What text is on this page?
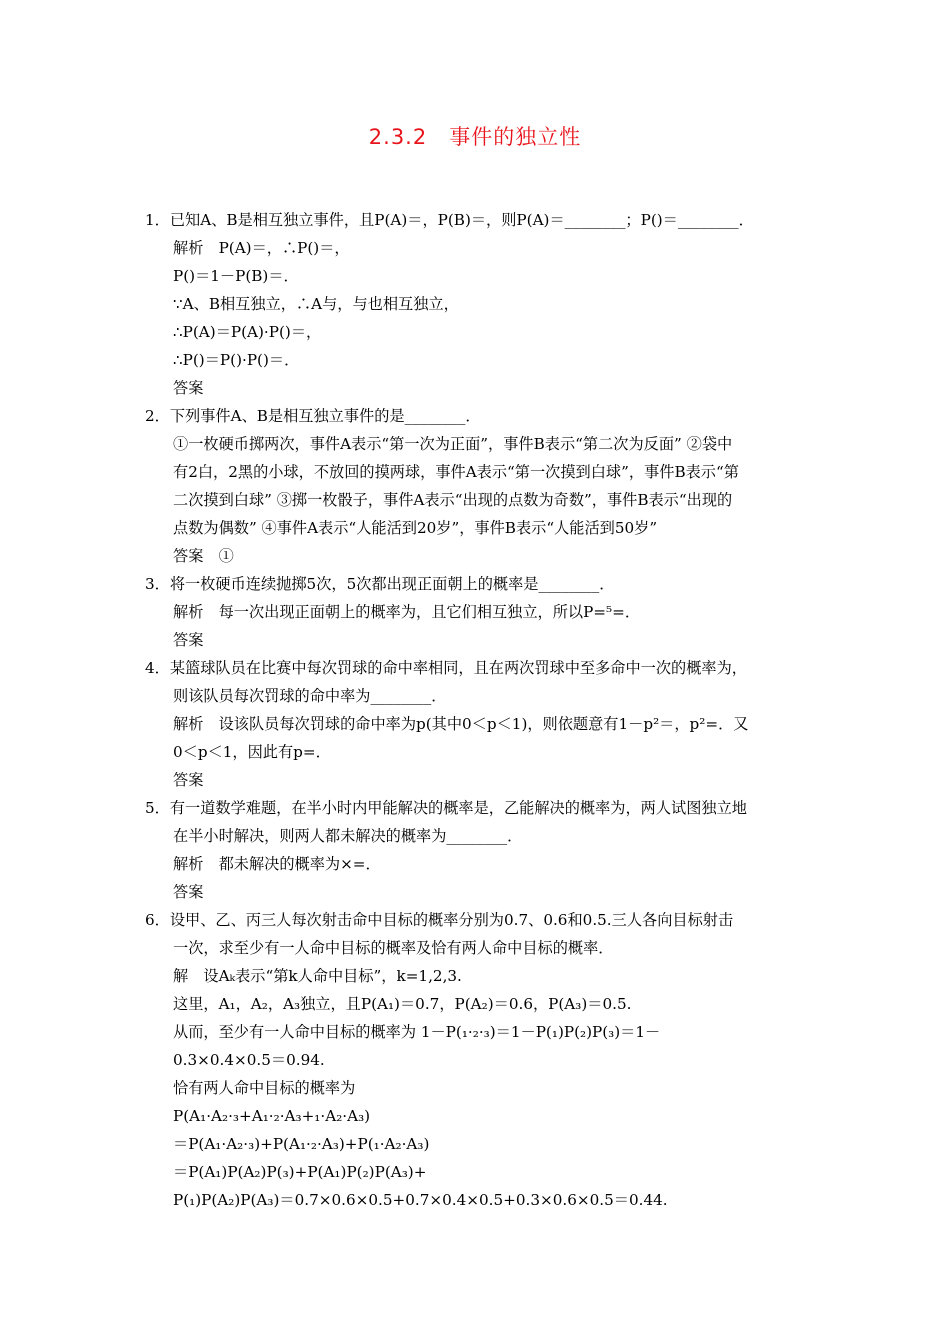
2.3.2　事件的独立性
1．已知A、B是相互独立事件，且P(A)＝，P(B)＝，则P(A)＝________；P()＝________．
解析　P(A)＝，∴P()＝，
P()＝1－P(B)＝．
∵A、B相互独立，∴A与，与也相互独立，
∴P(A)＝P(A)·P()＝，
∴P()＝P()·P()＝．
答案
2．下列事件A、B是相互独立事件的是________．
①一枚硬币掷两次，事件A表示“第一次为正面”，事件B表示“第二次为反面” ②袋中
有2白，2黑的小球，不放回的摸两球，事件A表示“第一次摸到白球”，事件B表示“第
二次摸到白球” ③掷一枚骰子，事件A表示“出现的点数为奇数”，事件B表示“出现的
点数为偶数” ④事件A表示“人能活到20岁”，事件B表示“人能活到50岁”
答案　①
3．将一枚硬币连续抛掷5次，5次都出现正面朝上的概率是________．
解析　每一次出现正面朝上的概率为，且它们相互独立，所以P=⁵=．
答案
4．某篮球队员在比赛中每次罚球的命中率相同，且在两次罚球中至多命中一次的概率为，
则该队员每次罚球的命中率为________．
解析　设该队员每次罚球的命中率为p(其中0＜p＜1)，则依题意有1－p²＝，p²=．又
0＜p＜1，因此有p=．
答案
5．有一道数学难题，在半小时内甲能解决的概率是，乙能解决的概率为，两人试图独立地
在半小时解决，则两人都未解决的概率为________．
解析　都未解决的概率为×=．
答案
6．设甲、乙、丙三人每次射击命中目标的概率分别为0.7、0.6和0.5.三人各向目标射击
一次，求至少有一人命中目标的概率及恰有两人命中目标的概率．
解　设Aₖ表示“第k人命中目标”，k=1,2,3.
这里，A₁，A₂，A₃独立，且P(A₁)＝0.7，P(A₂)＝0.6，P(A₃)＝0.5.
从而，至少有一人命中目标的概率为 1－P(₁·₂·₃)＝1－P(₁)P(₂)P(₃)＝1－
0.3×0.4×0.5＝0.94.
恰有两人命中目标的概率为
P(A₁·A₂·₃+A₁·₂·A₃+₁·A₂·A₃)
＝P(A₁·A₂·₃)+P(A₁·₂·A₃)+P(₁·A₂·A₃)
＝P(A₁)P(A₂)P(₃)+P(A₁)P(₂)P(A₃)+
P(₁)P(A₂)P(A₃)＝0.7×0.6×0.5+0.7×0.4×0.5+0.3×0.6×0.5＝0.44.
